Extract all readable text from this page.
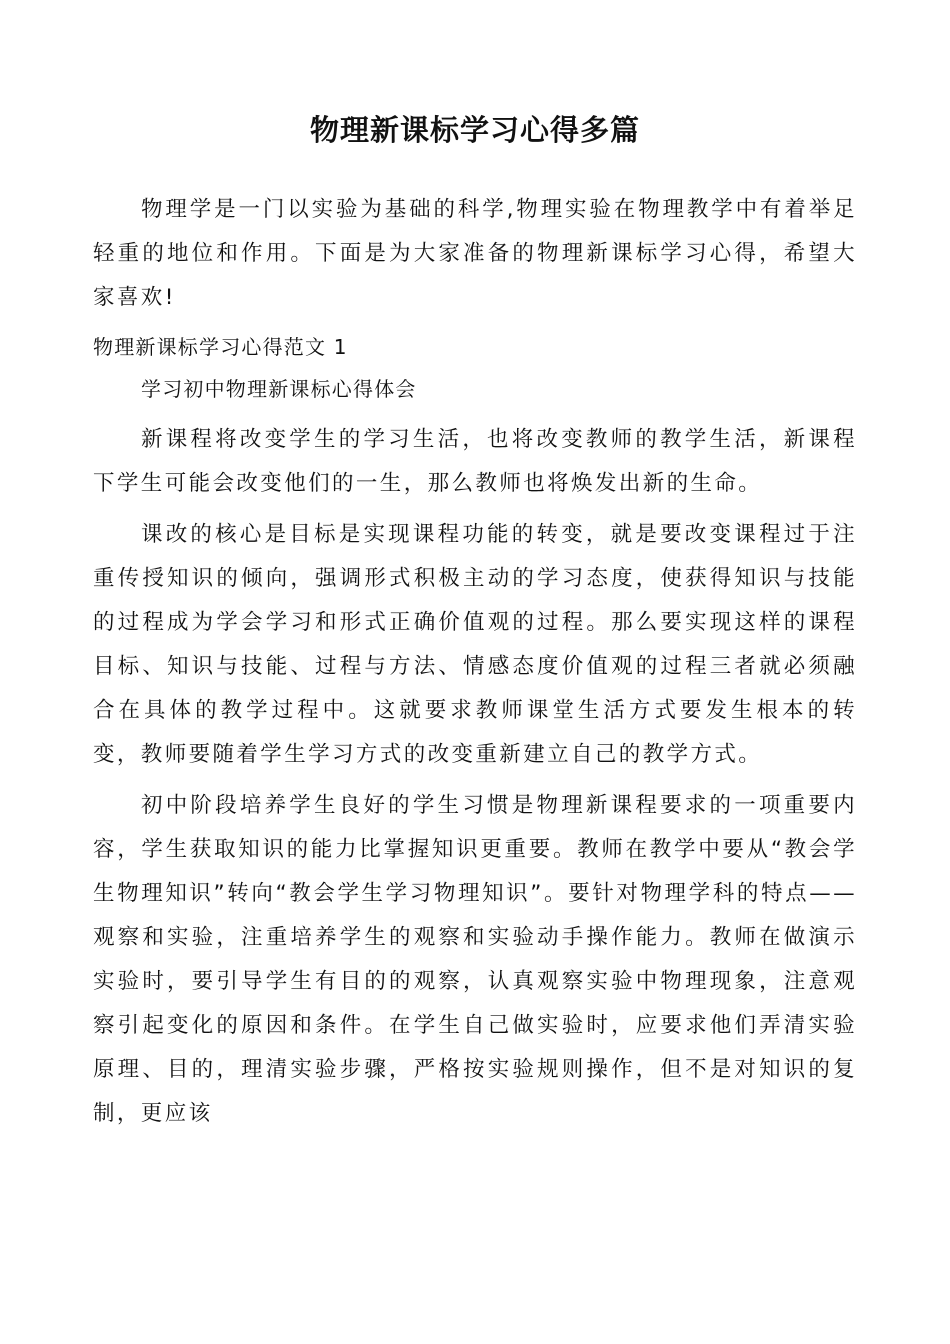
物理新课标学习心得多篇

物理学是一门以实验为基础的科学,物理实验在物理教学中有着举足轻重的地位和作用。下面是为大家准备的物理新课标学习心得，希望大家喜欢!

物理新课标学习心得范文 1

学习初中物理新课标心得体会

新课程将改变学生的学习生活，也将改变教师的教学生活，新课程下学生可能会改变他们的一生，那么教师也将焕发出新的生命。

课改的核心是目标是实现课程功能的转变，就是要改变课程过于注重传授知识的倾向，强调形式积极主动的学习态度，使获得知识与技能的过程成为学会学习和形式正确价值观的过程。那么要实现这样的课程目标、知识与技能、过程与方法、情感态度价值观的过程三者就必须融合在具体的教学过程中。这就要求教师课堂生活方式要发生根本的转变，教师要随着学生学习方式的改变重新建立自己的教学方式。

初中阶段培养学生良好的学生习惯是物理新课程要求的一项重要内容，学生获取知识的能力比掌握知识更重要。教师在教学中要从“教会学生物理知识”转向“教会学生学习物理知识”。要针对物理学科的特点——观察和实验，注重培养学生的观察和实验动手操作能力。教师在做演示实验时，要引导学生有目的的观察，认真观察实验中物理现象，注意观察引起变化的原因和条件。在学生自己做实验时，应要求他们弄清实验原理、目的，理清实验步骤，严格按实验规则操作，但不是对知识的复制，更应该
